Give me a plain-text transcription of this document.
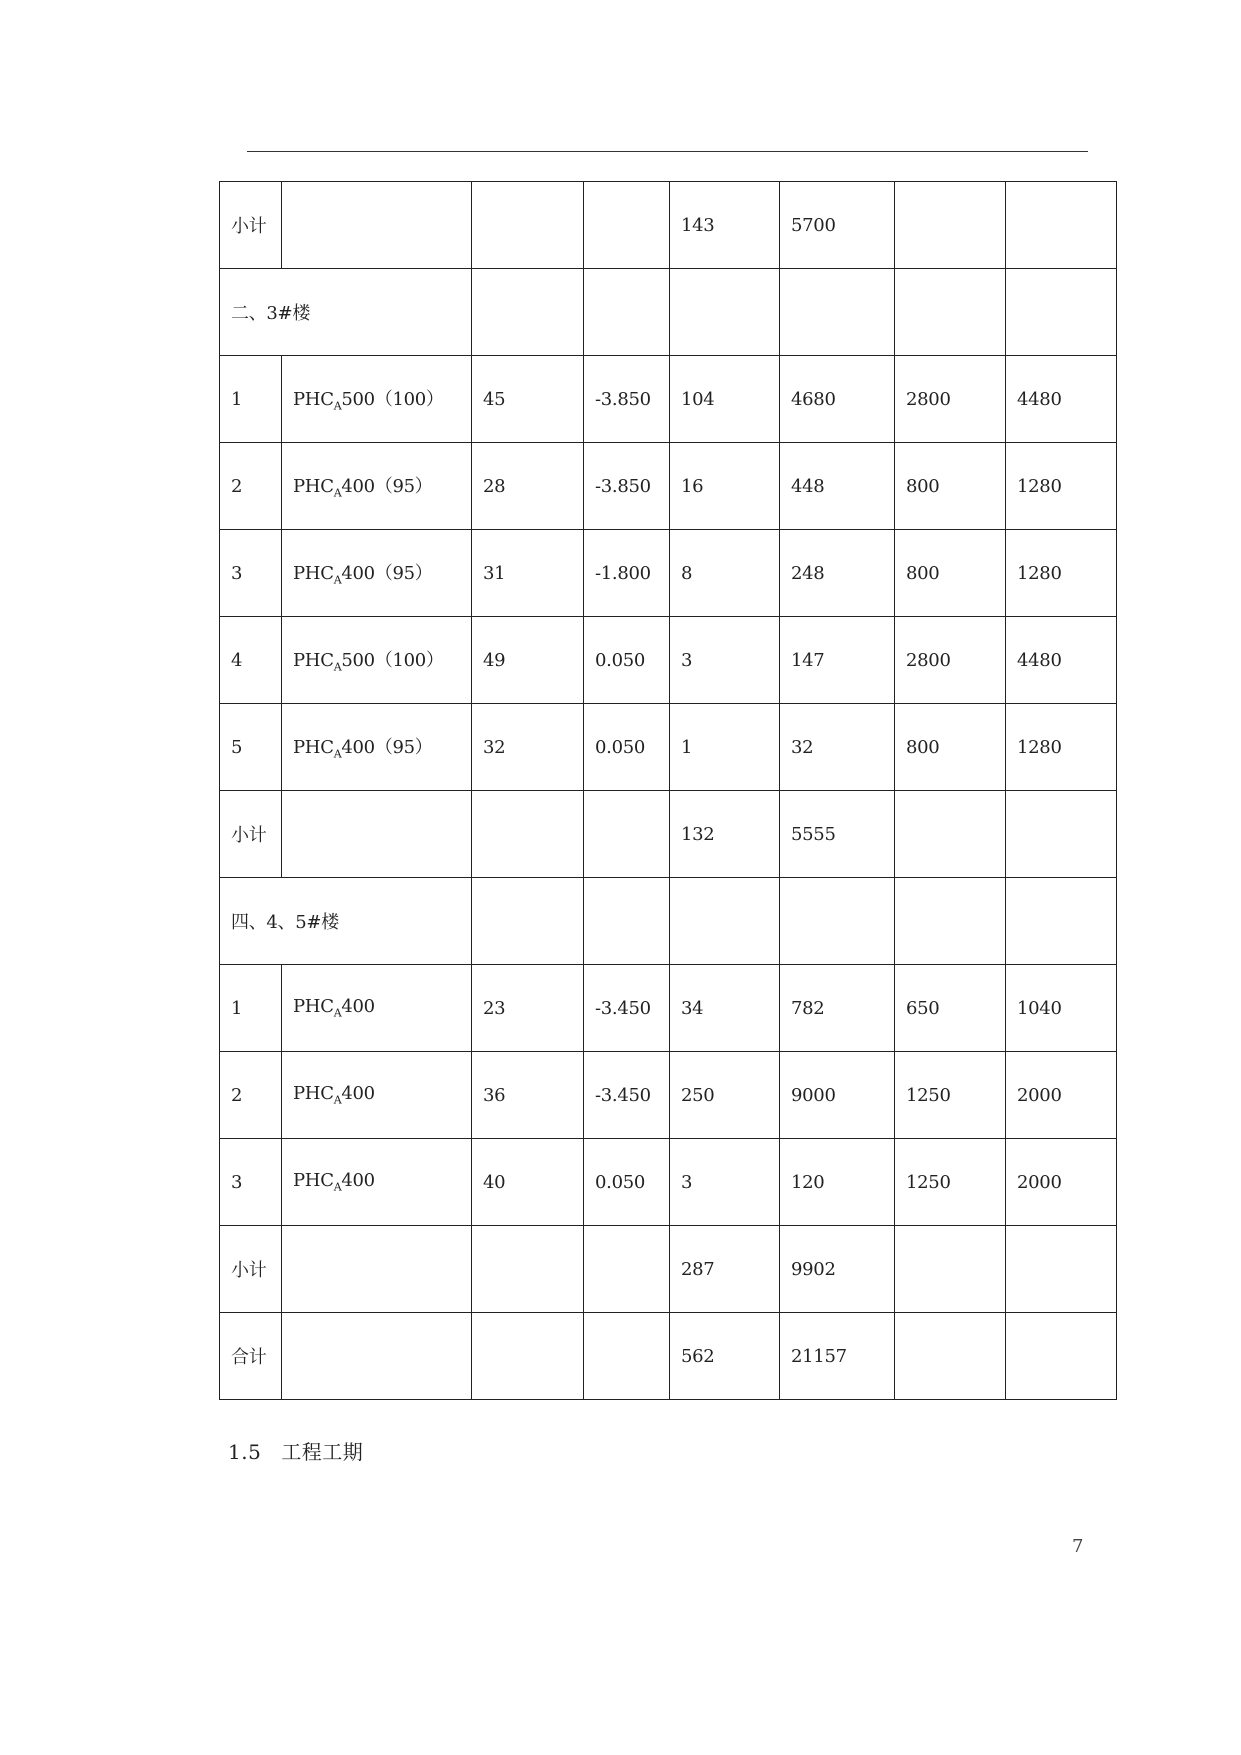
小计				143	5700		
二、3#楼							
1	$PHC_A500(100)$	45	-3.850	104	4680	2800	4480
2	$PHC_A400(95)$	28	-3.850	16	448	800	1280
3	$PHC_A400(95)$	31	-1.800	8	248	800	1280
4	$PHC_A500(100)$	49	0.050	3	147	2800	4480
5	$PHC_A400(95)$	32	0.050	1	32	800	1280
小计				132	5555		
四、4、5#楼							
1	$PHC_A400$	23	-3.450	34	782	650	1040
2	$PHC_A400$	36	-3.450	250	9000	1250	2000
3	$PHC_A400$	40	0.050	3	120	1250	2000
小计				287	9902		
合计				562	21157		
1.5 工程工期
7
